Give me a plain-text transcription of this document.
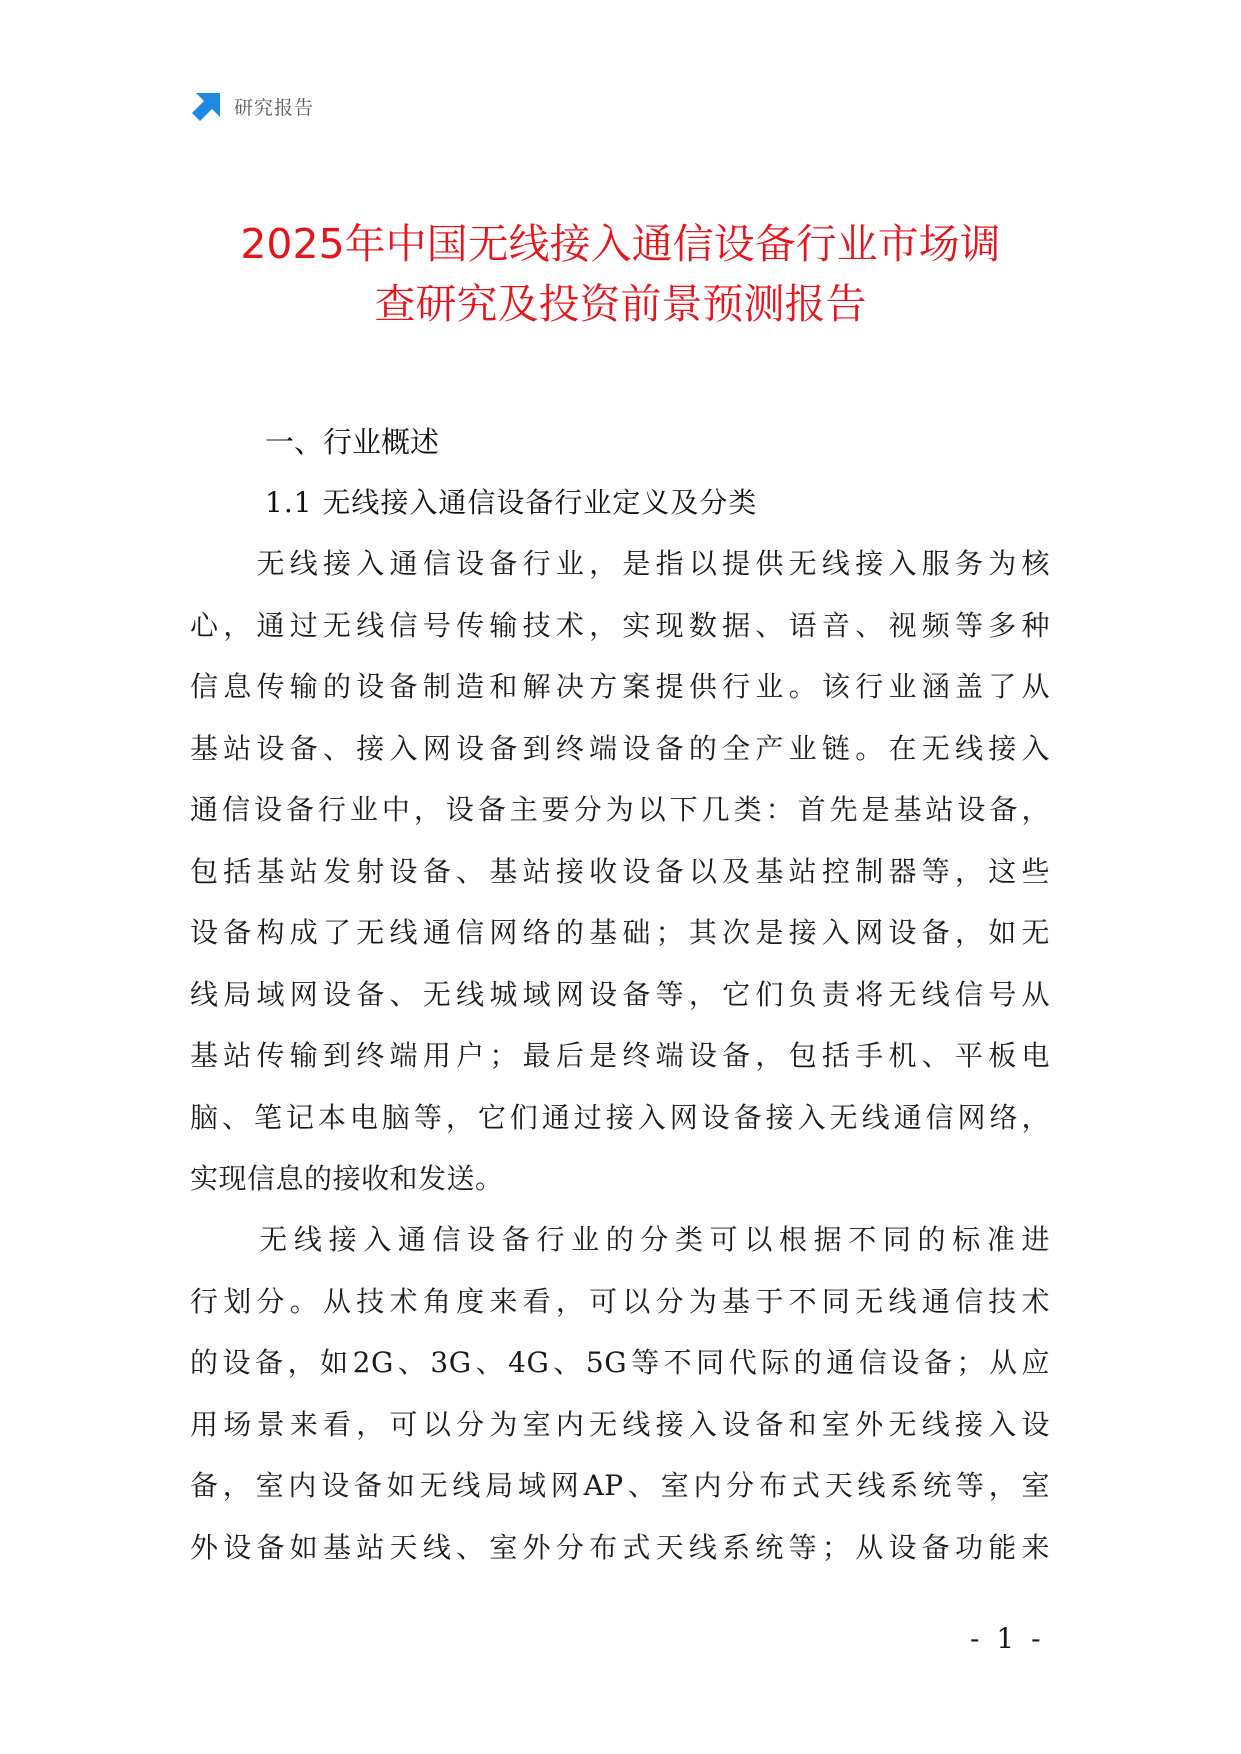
研究报告
2025年中国无线接入通信设备行业市场调
查研究及投资前景预测报告
一、行业概述
1.1 无线接入通信设备行业定义及分类

　　无线接入通信设备行业，是指以提供无线接入服务为核
心，通过无线信号传输技术，实现数据、语音、视频等多种
信息传输的设备制造和解决方案提供行业。该行业涵盖了从
基站设备、接入网设备到终端设备的全产业链。在无线接入
通信设备行业中，设备主要分为以下几类：首先是基站设备，
包括基站发射设备、基站接收设备以及基站控制器等，这些
设备构成了无线通信网络的基础；其次是接入网设备，如无
线局域网设备、无线城域网设备等，它们负责将无线信号从
基站传输到终端用户；最后是终端设备，包括手机、平板电
脑、笔记本电脑等，它们通过接入网设备接入无线通信网络，
实现信息的接收和发送。

　　无线接入通信设备行业的分类可以根据不同的标准进
行划分。从技术角度来看，可以分为基于不同无线通信技术
的设备，如2G、3G、4G、5G等不同代际的通信设备；从应
用场景来看，可以分为室内无线接入设备和室外无线接入设
备，室内设备如无线局域网AP、室内分布式天线系统等，室
外设备如基站天线、室外分布式天线系统等；从设备功能来

- 1 -
